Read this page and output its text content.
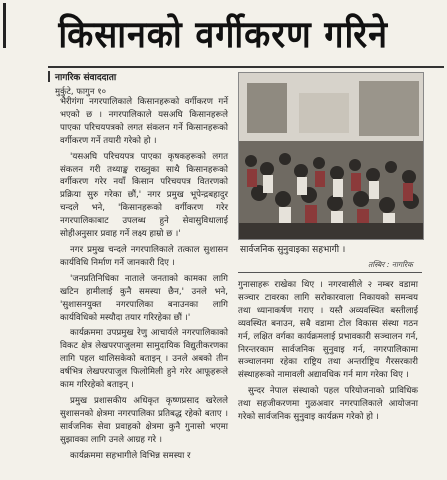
किसानको वर्गीकरण गरिने
नागरिक संवाददाता
मुर्कुटे, फागुन १०

भैरीगंगा नगरपालिकाले किसानहरूको वर्गीकरण गर्ने भएको छ । नगरपालिकाले यसअघि किसानहरूले पाएका परिचयपत्रको लगत संकलन गर्ने किसानहरूको वर्गीकरण गर्ने तयारी गरेको हो ।

'यसअघि परिचयपत्र पाएका कृषकहरूको लगत संकलन गरी तथ्याङ्क राख्नुका साथै किसानहरूको वर्गीकरण गरेर नयाँ किसान परिचयपत्र वितरणको प्रक्रिया सुरु गरेका छौं,' नगर प्रमुख भूपेन्द्रबहादुर चन्दले भने, 'किसानहरूको वर्गीकरण गरेर नगरपालिकाबाट उपलब्ध हुने सेवासुविधालाई सोहीअनुसार प्रवाह गर्ने लक्ष्य हाम्रो छ ।'

नगर प्रमुख चन्दले नगरपालिकाले तत्काल सुशासन कार्यविधि निर्माण गर्ने जानकारी दिए ।

'जनप्रतिनिधिका नाताले जनताको कामका लागि खटिन हामीलाई कुनै समस्या छैन,' उनले भने, 'सुशासनयुक्त नगरपालिका बनाउनका लागि कार्यविधिको मस्यौदा तयार गरिरहेका छौं ।'

कार्यक्रममा उपप्रमुख रेणु आचार्यले नगरपालिकाको विकट क्षेत्र लेखपरपाजुलमा सामुदायिक विद्युतीकरणका लागि पहल थालिसकेको बताइन् । उनले अबको तीन वर्षभित्र लेखपरपाजुल फिलोमिली हुने गरेर आफूहरूले काम गरिरहेको बताइन् ।

प्रमुख प्रशासकीय अधिकृत कृष्णप्रसाद खरेलले सुशासनको क्षेत्रमा नगरपालिका प्रतिबद्ध रहेको बताए । सार्वजनिक सेवा प्रवाहको क्षेत्रमा कुनै गुनासो भएमा सुझावका लागि उनले आग्रह गरे ।

कार्यक्रममा सहभागीले विभिन्न समस्या र

सार्वजनिक सुनुवाइका सहभागी ।
तस्बिर : नागरिक

गुनासाहरू राखेका थिए । नगरवासीले २ नम्बर वडामा सञ्चार टावरका लागि सरोकारवाला निकायको समन्वय तथा ध्यानाकर्षण गराए । यस्तै अव्यवस्थित बस्तीलाई व्यवस्थित बनाउन, सबै वडामा टोल विकास संस्था गठन गर्न, लक्षित वर्गका कार्यक्रमलाई प्रभावकारी सञ्चालन गर्न, निरन्तरकाम सार्वजनिक सुनुवाइ गर्न, नगरपालिकामा सञ्चालनमा रहेका राष्ट्रिय तथा अन्तर्राष्ट्रिय गैरसरकारी संस्थाहरूको नामावली अद्यावधिक गर्न माग गरेका थिए ।

सुन्दर नेपाल संस्थाको पहल परियोजनाको प्राविधिक तथा सहजीकरणमा गुळअवार नगरपालिकाले आयोजना गरेको सार्वजनिक सुनुवाइ कार्यक्रम गरेको हो ।
